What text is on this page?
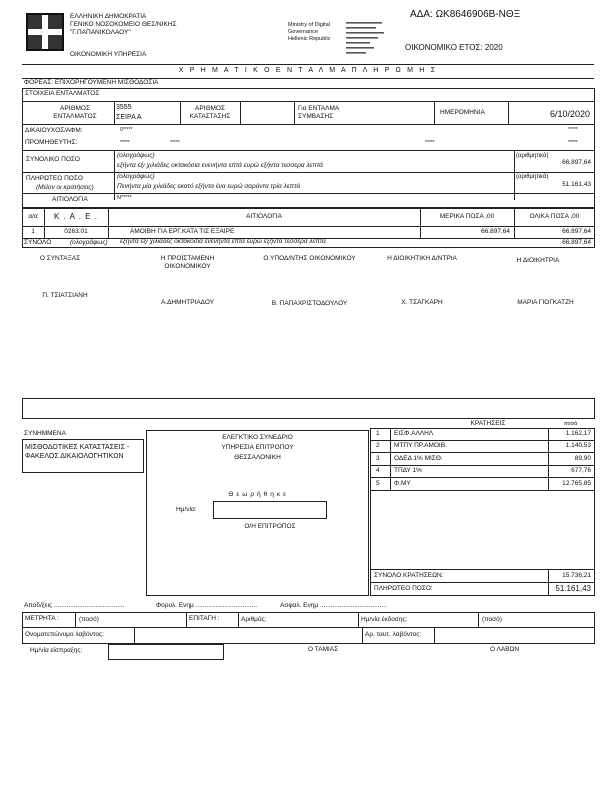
ΕΛΛΗΝΙΚΗ ΔΗΜΟΚΡΑΤΙΑ
ΓΕΝΙΚΟ ΝΟΣΟΚΟΜΕΙΟ ΘΕΣ/ΝΙΚΗΣ
"Γ.ΠΑΠΑΝΙΚΟΛΑΟΥ"
ΟΙΚΟΝΟΜΙΚΗ ΥΠΗΡΕΣΙΑ
Ministry of Digital
Governance
Hellenic Republic
ΑΔΑ: ΩΚ8646906Β-ΝΘΞ
ΟΙΚΟΝΟΜΙΚΟ ΕΤΟΣ: 2020
Χ Ρ Η Μ Α Τ Ι Κ Ο Ε Ν Τ Α Λ Μ Α Π Λ Η Ρ Ω Μ Η Σ
ΦΟΡΕΑΣ: ΕΠΙΧΟΡΗΓΟΥΜΕΝΗ ΜΙΣΘΟΔΟΣΙΑ
ΣΤΟΙΧΕΙΑ ΕΝΤΑΛΜΑΤΟΣ
ΑΡΙΘΜΟΣ ΕΝΤΑΛΜΑΤΟΣ
3555
ΣΕΙΡΑ Α
ΑΡΙΘΜΟΣ ΚΑΤΑΣΤΑΣΗΣ
Για ΕΝΤΑΛΜΑ ΣΥΜΒΑΣΗΣ
ΗΜΕΡΟΜΗΝΙΑ	6/10/2020
ΔΙΚΑΙΟΥΧΟΣ/ΑΦΜ:	0*****	*****
ΠΡΟΜΗΘΕΥΤΗΣ:	*****	*****	*****	*****
ΣΥΝΟΛΙΚΟ ΠΟΣΟ
(ολογράφως)
εξήντα εξι χιλιάδες οκτακόσια ενενήντα επτά ευρώ εξήντα τεσσερα λεπτά
(αριθμητικά)
66.897,64
ΠΛΗΡΩΤΕΟ ΠΟΣΟ
(Μείον οι κρατήσεις)
(ολογράφως)
Πενήντα μία χιλιάδες εκατό εξήντα ένα ευρώ σαράντα τρία λεπτά
(αριθμητικά)
51.161,43
ΑΙΤΙΟΛΟΓΙΑ	Ν*****
α/α	Κ . Α . Ε .	ΑΙΤΙΟΛΟΓΙΑ	ΜΕΡΙΚΑ ΠΟΣΑ ,00	ΟΛΙΚΑ ΠΟΣΑ ,00
1	0263.01	ΑΜΟΙΒΗ ΓΙΑ ΕΡΓ.ΚΑΤΑ ΤΙΣ ΕΞΑΙΡΕ	66.897,64	66.897,64
ΣΥΝΟΛΟ	(ολογράφως) εξήντα εξι χιλιάδες οκτακόσια ενενήντα επτά ευρώ εξήντα τεσσερα λεπτά	66.897,64
Ο ΣΥΝΤΑΞΑΣ	Η ΠΡΟΪΣΤΑΜΕΝΗ ΟΙΚΟΝΟΜΙΚΟΥ
Ο ΥΠΟΔ/ΝΤΗΣ ΟΙΚΟΝΟΜΙΚΟΥ	Η ΔΙΟΙΚΗΤΙΚΗ Δ/ΝΤΡΙΑ	Η ΔΙΟΙΚΗΤΡΙΑ
Π. ΤΣΙΑΤΣΙΑΝΗ
Α.ΔΗΜΗΤΡΙΑΔΟΥ	Β. ΠΑΠΑΧΡΙΣΤΟΔΟΥΛΟΥ	Χ. ΤΣΑΓΚΑΡΗ	ΜΑΡΙΑ ΓΙΟΓΚΑΤΖΗ
ΣΥΝΗΜΜΕΝΑ
ΜΙΣΘΟΔΟΤΙΚΕΣ ΚΑΤΑΣΤΑΣΕΙΣ - ΦΑΚΕΛΟΣ ΔΙΚΑΙΟΛΟΓΗΤΙΚΩΝ
ΕΛΕΓΚΤΙΚΟ ΣΥΝΕΔΡΙΟ
ΥΠΗΡΕΣΙΑ ΕΠΙΤΡΟΠΟΥ
ΘΕΣΣΑΛΟΝΙΚΗ
Θ ε ω ρ ή θ η κ ε
Ημ/νία:
Ο/Η ΕΠΙΤΡΟΠΟΣ
ΚΡΑΤΗΣΕΙΣ	ποσά
1 ΕΙΣΦ.ΑΛΛΗΛ	1.162,17
2 ΜΤΠΥ ΠΡ.ΑΜΟΙΒ.	1.140,53
3 ΟΔΕΔ 1% ΜΙΣΘ.	89,90
4 ΤΠΔΥ 1%	677,76
5 Φ.ΜΥ	12.765,85
ΣΥΝΟΛΟ ΚΡΑΤΗΣΕΩΝ:	15.736,21
ΠΛΗΡΩΤΕΟ ΠΟΣΟ:	51.161,43
Αποδ/ξεις .......................................	Φορολ. Ενημ ..................................	Ασφαλ. Ενημ .....................................
ΜΕΤΡΗΤΑ :	(ποσό)	ΕΠΙΤΑΓΗ :	Αριθμός:	Ημ/νία έκδοσης:	(ποσό)
Ονοματεπώνυμο λαβόντος:	Αρ. ταυτ. λαβόντος:
Ημ/νία είσπραξης:	Ο ΤΑΜΙΑΣ	Ο ΛΑΒΩΝ
